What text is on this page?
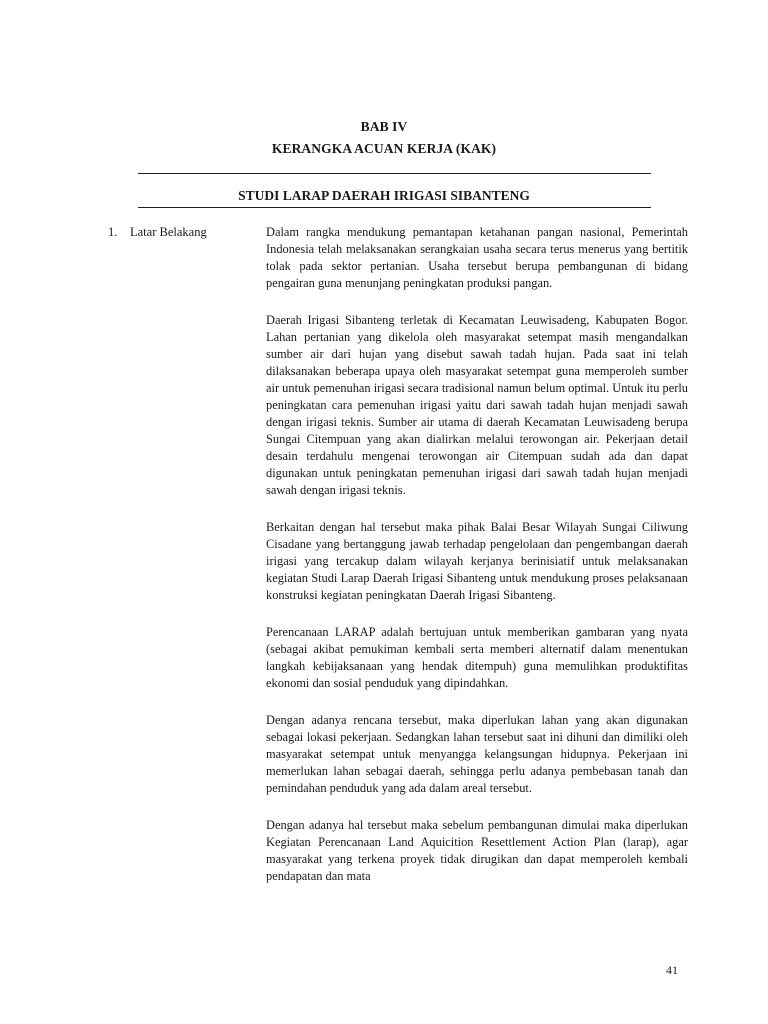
BAB IV
KERANGKA ACUAN KERJA (KAK)
STUDI LARAP DAERAH IRIGASI SIBANTENG
1. Latar Belakang	Dalam rangka mendukung pemantapan ketahanan pangan nasional, Pemerintah Indonesia telah melaksanakan serangkaian usaha secara terus menerus yang bertitik tolak pada sektor pertanian. Usaha tersebut berupa pembangunan di bidang pengairan guna menunjang peningkatan produksi pangan.

Daerah Irigasi Sibanteng terletak di Kecamatan Leuwisadeng, Kabupaten Bogor. Lahan pertanian yang dikelola oleh masyarakat setempat masih mengandalkan sumber air dari hujan yang disebut sawah tadah hujan. Pada saat ini telah dilaksanakan beberapa upaya oleh masyarakat setempat guna memperoleh sumber air untuk pemenuhan irigasi secara tradisional namun belum optimal. Untuk itu perlu peningkatan cara pemenuhan irigasi yaitu dari sawah tadah hujan menjadi sawah dengan irigasi teknis. Sumber air utama di daerah Kecamatan Leuwisadeng berupa Sungai Citempuan yang akan dialirkan melalui terowongan air. Pekerjaan detail desain terdahulu mengenai terowongan air Citempuan sudah ada dan dapat digunakan untuk peningkatan pemenuhan irigasi dari sawah tadah hujan menjadi sawah dengan irigasi teknis.

Berkaitan dengan hal tersebut maka pihak Balai Besar Wilayah Sungai Ciliwung Cisadane yang bertanggung jawab terhadap pengelolaan dan pengembangan daerah irigasi yang tercakup dalam wilayah kerjanya berinisiatif untuk melaksanakan kegiatan Studi Larap Daerah Irigasi Sibanteng untuk mendukung proses pelaksanaan konstruksi kegiatan peningkatan Daerah Irigasi Sibanteng.

Perencanaan LARAP adalah bertujuan untuk memberikan gambaran yang nyata (sebagai akibat pemukiman kembali serta memberi alternatif dalam menentukan langkah kebijaksanaan yang hendak ditempuh) guna memulihkan produktifitas ekonomi dan sosial penduduk yang dipindahkan.

Dengan adanya rencana tersebut, maka diperlukan lahan yang akan digunakan sebagai lokasi pekerjaan. Sedangkan lahan tersebut saat ini dihuni dan dimiliki oleh masyarakat setempat untuk menyangga kelangsungan hidupnya. Pekerjaan ini memerlukan lahan sebagai daerah, sehingga perlu adanya pembebasan tanah dan pemindahan penduduk yang ada dalam areal tersebut.

Dengan adanya hal tersebut maka sebelum pembangunan dimulai maka diperlukan Kegiatan Perencanaan Land Aquicition Resettlement Action Plan (larap), agar masyarakat yang terkena proyek tidak dirugikan dan dapat memperoleh kembali pendapatan dan mata

41
